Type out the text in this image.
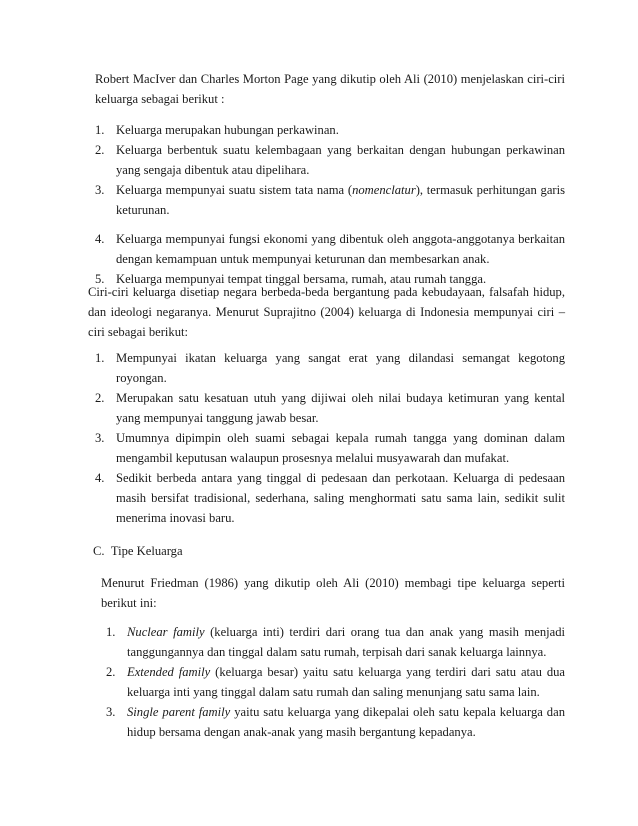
Robert MacIver dan Charles Morton Page yang dikutip oleh Ali (2010) menjelaskan ciri-ciri keluarga sebagai berikut :

1. Keluarga merupakan hubungan perkawinan.
2. Keluarga berbentuk suatu kelembagaan yang berkaitan dengan hubungan perkawinan yang sengaja dibentuk atau dipelihara.
3. Keluarga mempunyai suatu sistem tata nama (nomenclatur), termasuk perhitungan garis keturunan.
4. Keluarga mempunyai fungsi ekonomi yang dibentuk oleh anggota-anggotanya berkaitan dengan kemampuan untuk mempunyai keturunan dan membesarkan anak.
5. Keluarga mempunyai tempat tinggal bersama, rumah, atau rumah tangga.

Ciri-ciri keluarga disetiap negara berbeda-beda bergantung pada kebudayaan, falsafah hidup, dan ideologi negaranya. Menurut Suprajitno (2004) keluarga di Indonesia mempunyai ciri – ciri sebagai berikut:

1. Mempunyai ikatan keluarga yang sangat erat yang dilandasi semangat kegotong royongan.
2. Merupakan satu kesatuan utuh yang dijiwai oleh nilai budaya ketimuran yang kental yang mempunyai tanggung jawab besar.
3. Umumnya dipimpin oleh suami sebagai kepala rumah tangga yang dominan dalam mengambil keputusan walaupun prosesnya melalui musyawarah dan mufakat.
4. Sedikit berbeda antara yang tinggal di pedesaan dan perkotaan. Keluarga di pedesaan masih bersifat tradisional, sederhana, saling menghormati satu sama lain, sedikit sulit menerima inovasi baru.
C. Tipe Keluarga

Menurut Friedman (1986) yang dikutip oleh Ali (2010) membagi tipe keluarga seperti berikut ini:

1. Nuclear family (keluarga inti) terdiri dari orang tua dan anak yang masih menjadi tanggungannya dan tinggal dalam satu rumah, terpisah dari sanak keluarga lainnya.
2. Extended family (keluarga besar) yaitu satu keluarga yang terdiri dari satu atau dua keluarga inti yang tinggal dalam satu rumah dan saling menunjang satu sama lain.
3. Single parent family yaitu satu keluarga yang dikepalai oleh satu kepala keluarga dan hidup bersama dengan anak-anak yang masih bergantung kepadanya.
